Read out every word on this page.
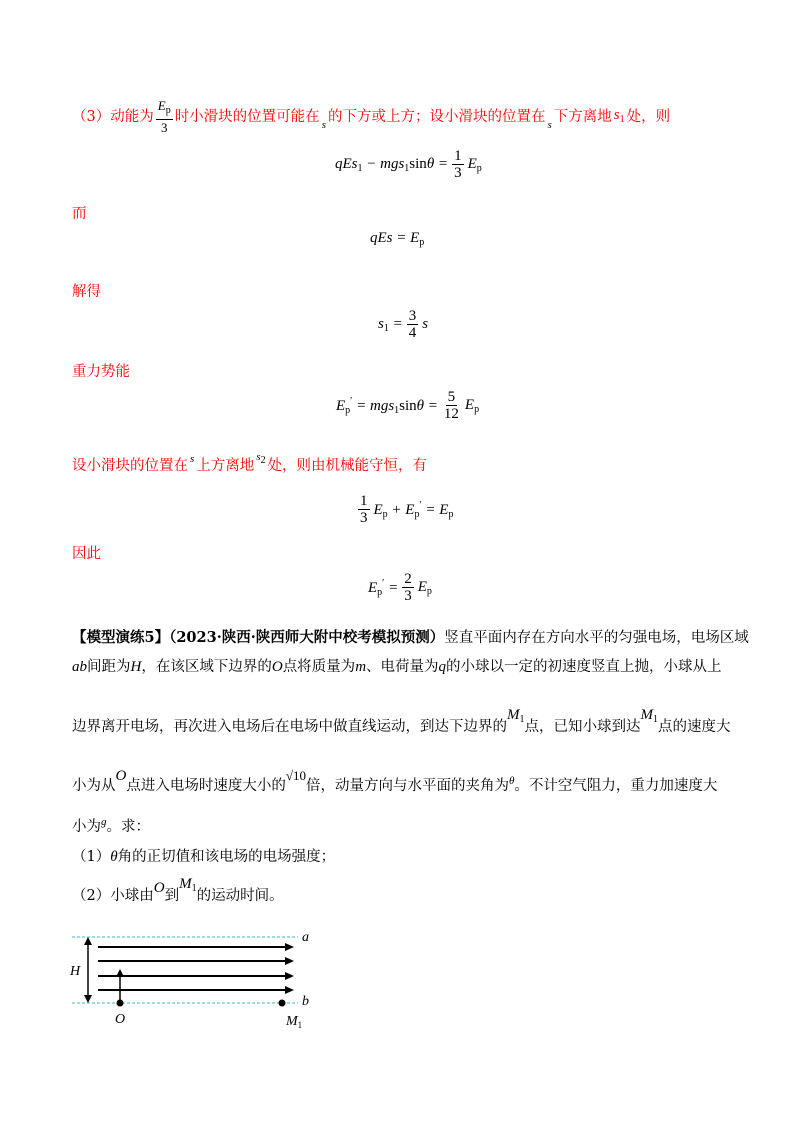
（3）动能为 $\frac{E_p}{3}$ 时小滑块的位置可能在 s 的下方或上方；设小滑块的位置在 s 下方离地 $s_1$ 处，则
$qEs_1 - mgs_1\sin\theta = \frac{1}{3} E_p$
而
qEs = $E_p$
解得
$s_1 = \frac{3}{4}$ s
重力势能
$E_p' = mgs_1\sin\theta = \frac{5}{12} E_p$
设小滑块的位置在 s 上方离地
s2 处，则由机械能守恒，有
$\frac{1}{3} E_p + E_p' = E_p$
因此
$E_p' = \frac{2}{3} E_p$
【模型演练5】（2023·陕西·陕西师大附中校考模拟预测）竖直平面内存在方向水平的匀强电场，电场区域
ab间距为H，在该区域下边界的O点将质量为m、电荷量为q的小球以一定的初速度竖直上抛，小球从上
边界离开电场，再次进入电场后在电场中做直线运动，到达下边界的$M_1$点，已知小球到达$M_1$点的速度大
小为从O点进入电场时速度大小的√10倍，动量方向与水平面的夹角为$^\theta$。不计空气阻力，重力加速度大
小为$^g$。求：
（1）θ角的正切值和该电场的电场强度；
（2）小球由O到$M_1$的运动时间。
a
b
H
O	$M_1$
